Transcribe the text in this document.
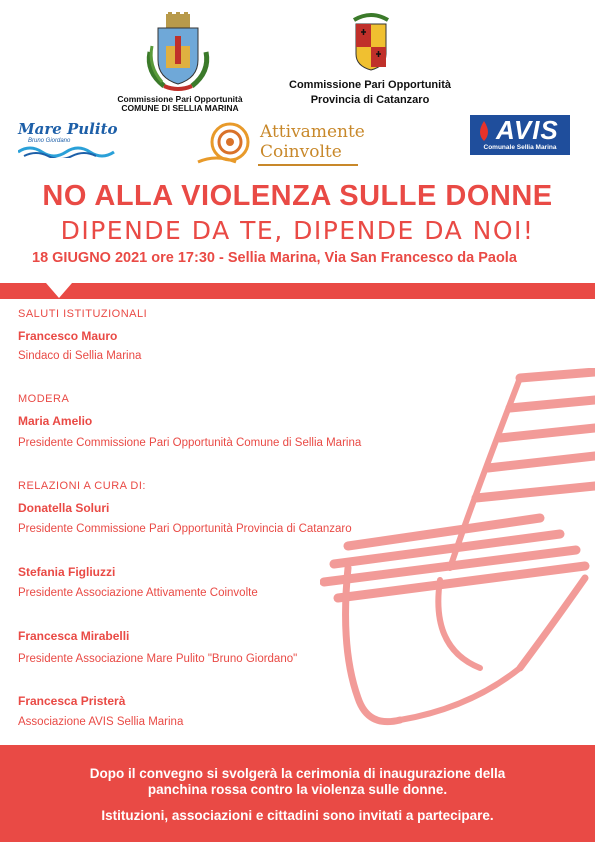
Commissione Pari Opportunità
COMUNE DI SELLIA MARINA
Commissione Pari Opportunità
Provincia di Catanzaro
Mare Pulito
Bruno Giordano	Attivamente
Coinvolte
AVIS
Comunale Sellia Marina
NO ALLA VIOLENZA SULLE DONNE
DIPENDE DA TE, DIPENDE DA NOI!
18 GIUGNO 2021 ore 17:30 - Sellia Marina, Via San Francesco da Paola
SALUTI ISTITUZIONALI
Francesco Mauro
Sindaco di Sellia Marina
MODERA
Maria Amelio
Presidente Commissione Pari Opportunità Comune di Sellia Marina
RELAZIONI A CURA DI:
Donatella Soluri
Presidente Commissione Pari Opportunità Provincia di Catanzaro
Stefania Figliuzzi
Presidente Associazione Attivamente Coinvolte
Francesca Mirabelli
Presidente Associazione Mare Pulito "Bruno Giordano"
Francesca Pristerà
Associazione AVIS Sellia Marina
Dopo il convegno si svolgerà la cerimonia di inaugurazione della
panchina rossa contro la violenza sulle donne.
Istituzioni, associazioni e cittadini sono invitati a partecipare.
